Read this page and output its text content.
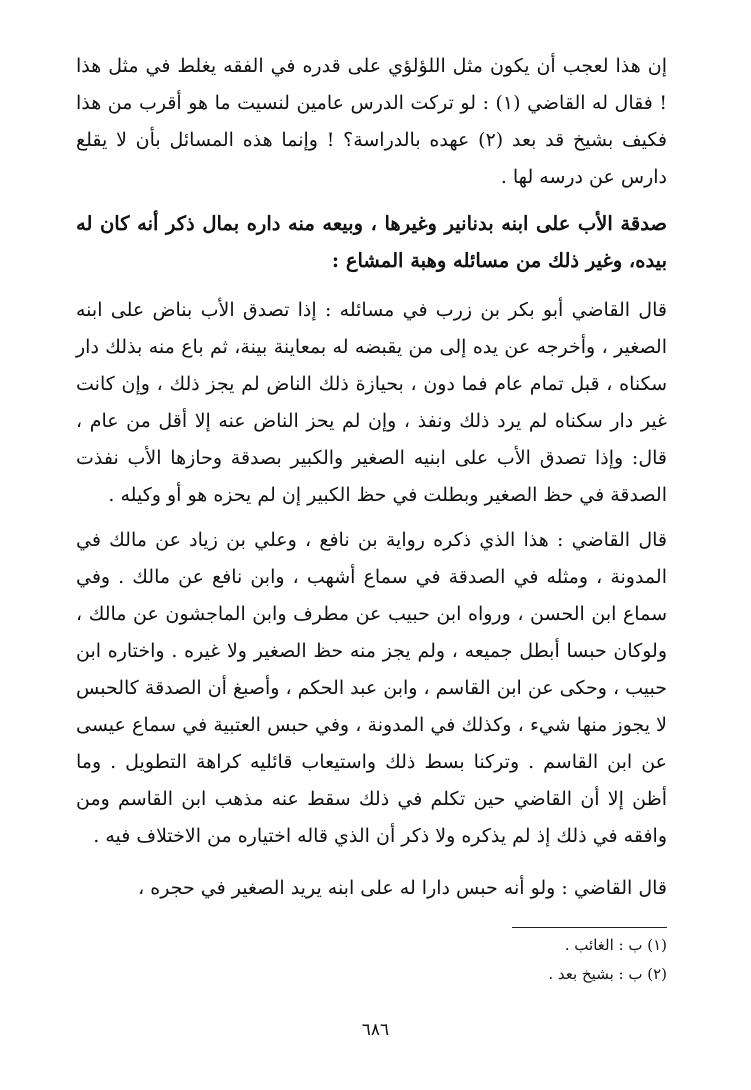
إن هذا لعجب أن يكون مثل اللؤلؤي على قدره في الفقه يغلط في مثل هذا ! فقال له القاضي (١) : لو تركت الدرس عامين لنسيت ما هو أقرب من هذا فكيف بشيخ قد بعد (٢) عهده بالدراسة؟ ! وإنما هذه المسائل بأن لا يقلع دارس عن درسه لها .
صدقة الأب على ابنه بدنانير وغيرها ، وبيعه منه داره بمال ذكر أنه كان له بيده، وغير ذلك من مسائله وهبة المشاع :
قال القاضي أبو بكر بن زرب في مسائله : إذا تصدق الأب بناض على ابنه الصغير ، وأخرجه عن يده إلى من يقبضه له بمعاينة بينة، ثم باع منه بذلك دار سكناه ، قبل تمام عام فما دون ، بحيازة ذلك الناض لم يجز ذلك ، وإن كانت غير دار سكناه لم يرد ذلك ونفذ ، وإن لم يحز الناض عنه إلا أقل من عام ، قال: وإذا تصدق الأب على ابنيه الصغير والكبير بصدقة وحازها الأب نفذت الصدقة في حظ الصغير وبطلت في حظ الكبير إن لم يحزه هو أو وكيله .
قال القاضي : هذا الذي ذكره رواية بن نافع ، وعلي بن زياد عن مالك في المدونة ، ومثله في الصدقة في سماع أشهب ، وابن نافع عن مالك . وفي سماع ابن الحسن ، ورواه ابن حبيب عن مطرف وابن الماجشون عن مالك ، ولوكان حبسا أبطل جميعه ، ولم يجز منه حظ الصغير ولا غيره . واختاره ابن حبيب ، وحكى عن ابن القاسم ، وابن عبد الحكم ، وأصبغ أن الصدقة كالحبس لا يجوز منها شيء ، وكذلك في المدونة ، وفي حبس العتبية في سماع عيسى عن ابن القاسم . وتركنا بسط ذلك واستيعاب قائليه كراهة التطويل . وما أظن إلا أن القاضي حين تكلم في ذلك سقط عنه مذهب ابن القاسم ومن وافقه في ذلك إذ لم يذكره ولا ذكر أن الذي قاله اختياره من الاختلاف فيه .
قال القاضي : ولو أنه حبس دارا له على ابنه يريد الصغير في حجره ،
(١) ب : الغائب .
(٢) ب : بشيخ بعد .
٦٨٦
